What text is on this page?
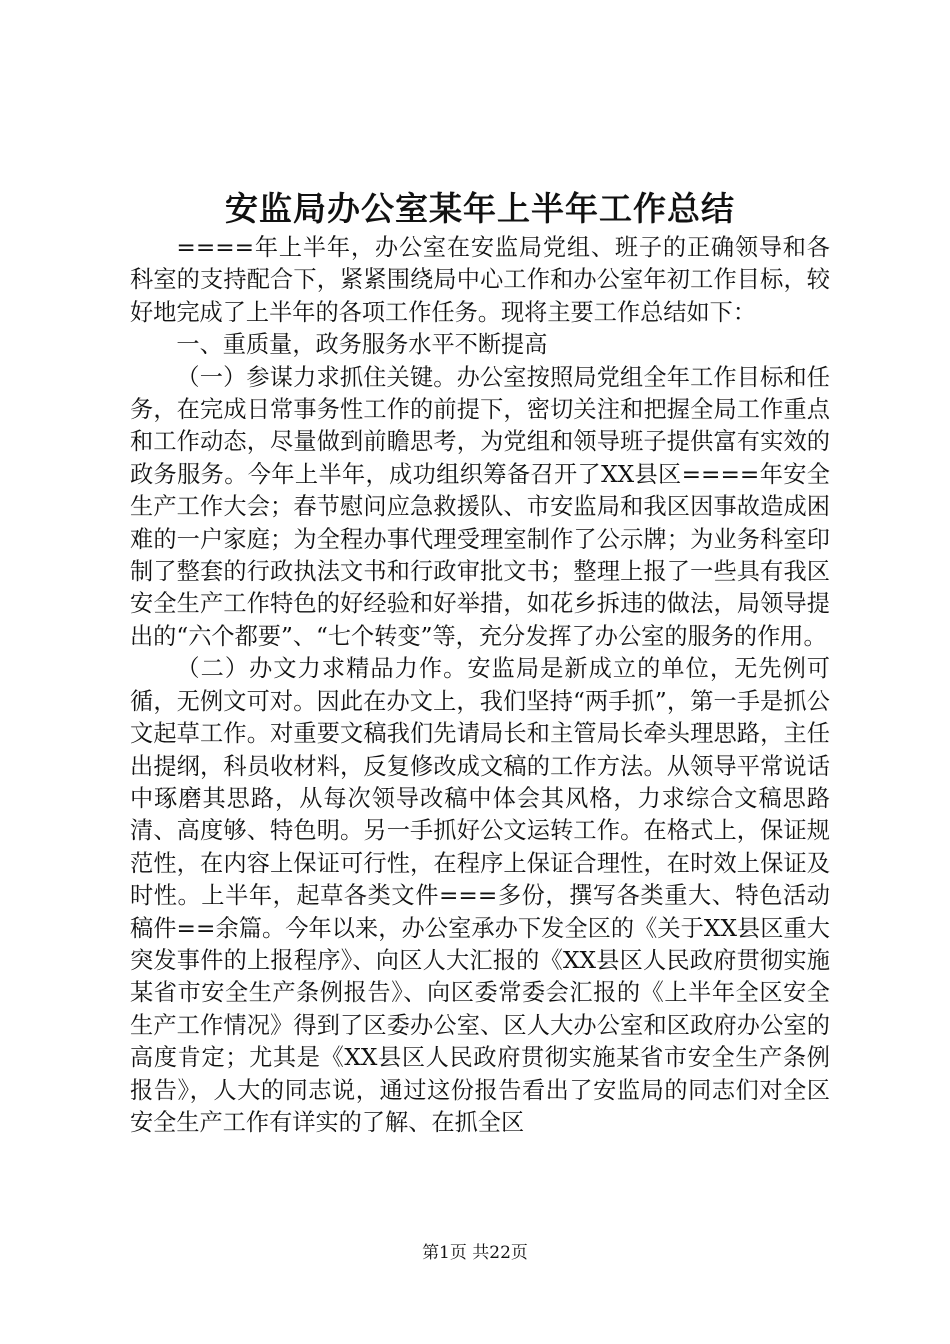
安监局办公室某年上半年工作总结

====年上半年，办公室在安监局党组、班子的正确领导和各科室的支持配合下，紧紧围绕局中心工作和办公室年初工作目标，较好地完成了上半年的各项工作任务。现将主要工作总结如下：

一、重质量，政务服务水平不断提高

（一）参谋力求抓住关键。办公室按照局党组全年工作目标和任务，在完成日常事务性工作的前提下，密切关注和把握全局工作重点和工作动态，尽量做到前瞻思考，为党组和领导班子提供富有实效的政务服务。今年上半年，成功组织筹备召开了XX县区====年安全生产工作大会；春节慰问应急救援队、市安监局和我区因事故造成困难的一户家庭；为全程办事代理受理室制作了公示牌；为业务科室印制了整套的行政执法文书和行政审批文书；整理上报了一些具有我区安全生产工作特色的好经验和好举措，如花乡拆违的做法，局领导提出的“六个都要”、“七个转变”等，充分发挥了办公室的服务的作用。

（二）办文力求精品力作。安监局是新成立的单位，无先例可循，无例文可对。因此在办文上，我们坚持“两手抓”，第一手是抓公文起草工作。对重要文稿我们先请局长和主管局长牵头理思路，主任出提纲，科员收材料，反复修改成文稿的工作方法。从领导平常说话中琢磨其思路，从每次领导改稿中体会其风格，力求综合文稿思路清、高度够、特色明。另一手抓好公文运转工作。在格式上，保证规范性，在内容上保证可行性，在程序上保证合理性，在时效上保证及时性。上半年，起草各类文件===多份，撰写各类重大、特色活动稿件==余篇。今年以来，办公室承办下发全区的《关于XX县区重大突发事件的上报程序》、向区人大汇报的《XX县区人民政府贯彻实施某省市安全生产条例报告》、向区委常委会汇报的《上半年全区安全生产工作情况》得到了区委办公室、区人大办公室和区政府办公室的高度肯定；尤其是《XX县区人民政府贯彻实施某省市安全生产条例报告》，人大的同志说，通过这份报告看出了安监局的同志们对全区安全生产工作有详实的了解、在抓全区

第1页 共22页
